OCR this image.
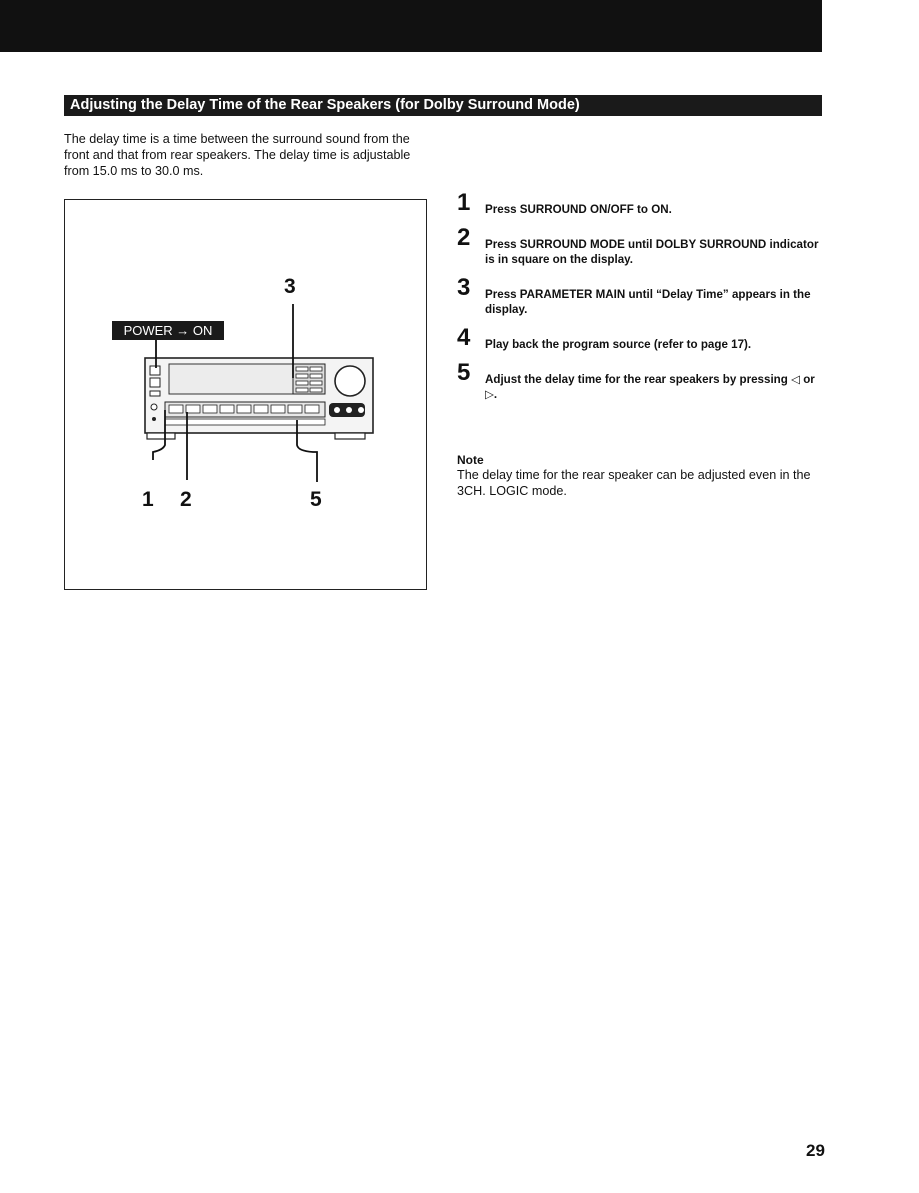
Adjusting the Delay Time of the Rear Speakers (for Dolby Surround Mode)

The delay time is a time between the surround sound from the front and that from rear speakers. The delay time is adjustable from 15.0 ms to 30.0 ms.

POWER → ON
3
1 2	5
1 Press SURROUND ON/OFF to ON.
2 Press SURROUND MODE until DOLBY SURROUND indicator is in square on the display.
3 Press PARAMETER MAIN until “Delay Time” appears in the display.
4 Play back the program source (refer to page 17).
5 Adjust the delay time for the rear speakers by pressing ◁ or ▷.

Note

The delay time for the rear speaker can be adjusted even in the 3CH. LOGIC mode.

29
